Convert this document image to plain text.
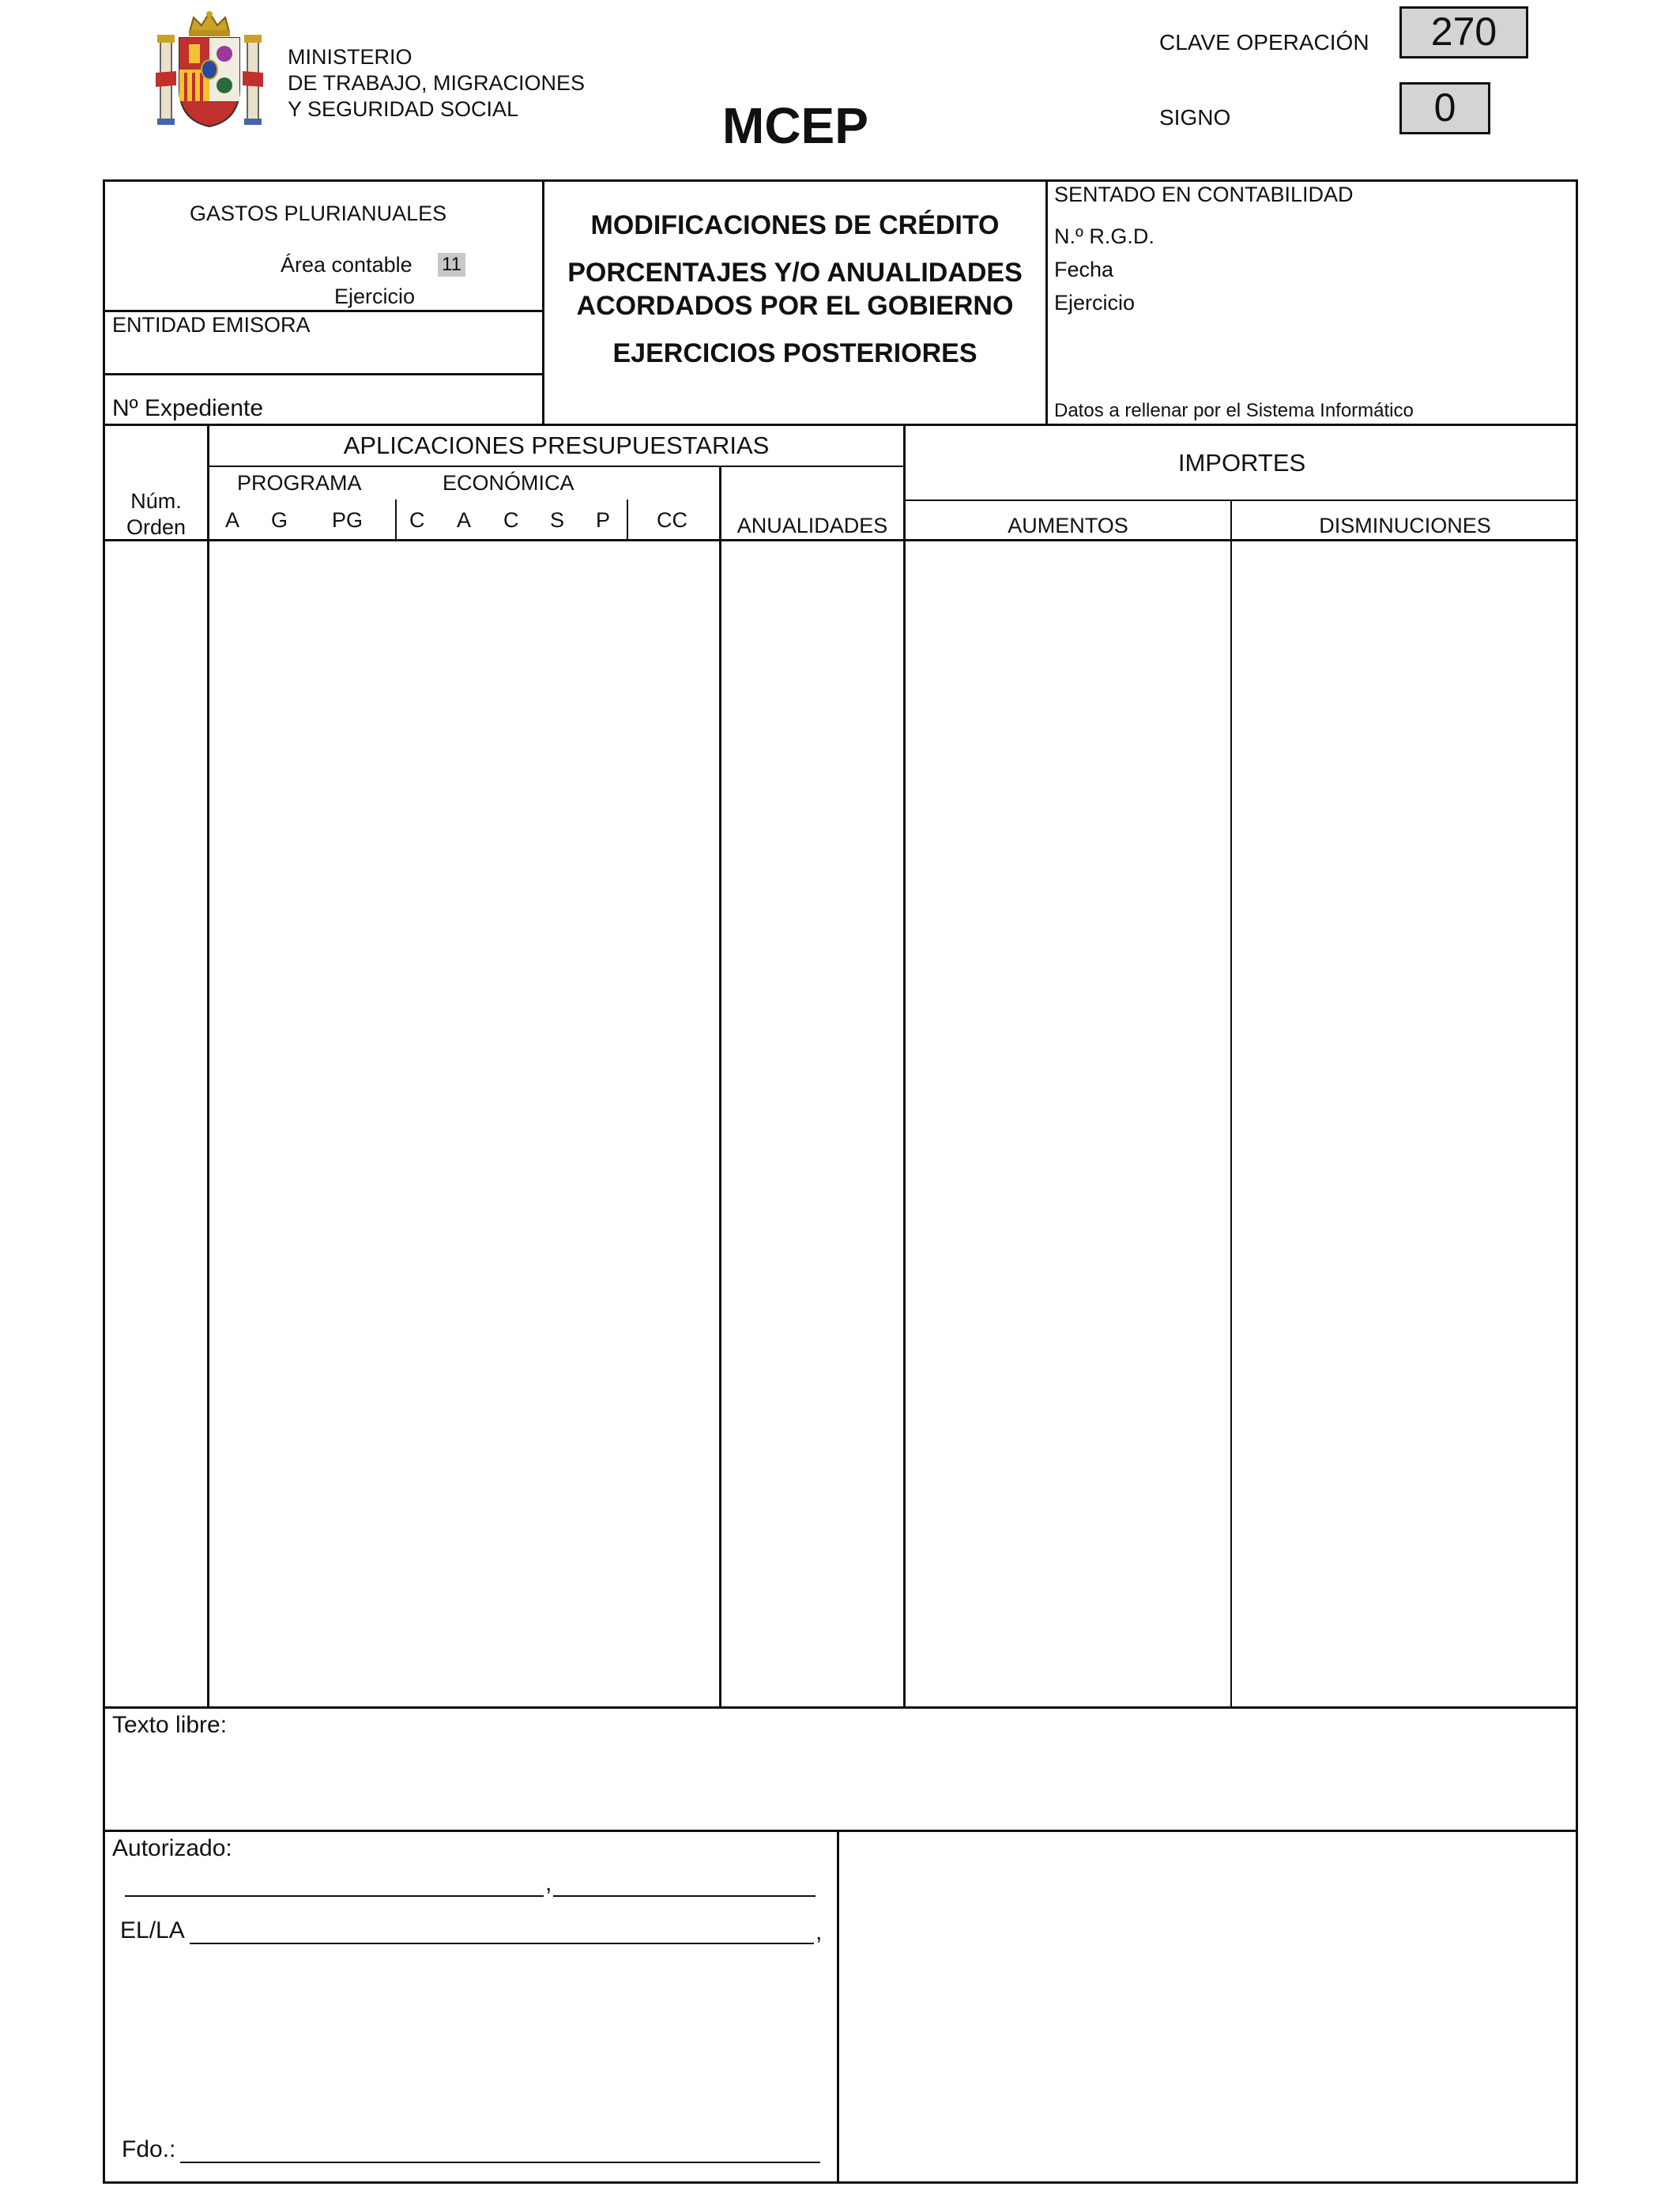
MINISTERIO
DE TRABAJO, MIGRACIONES
Y SEGURIDAD SOCIAL	MCEP
CLAVE OPERACIÓN	270
SIGNO	0
GASTOS PLURIANUALES
Área contable 11
Ejercicio
ENTIDAD EMISORA
Nº Expediente
MODIFICACIONES DE CRÉDITO
PORCENTAJES Y/O ANUALIDADES
ACORDADOS POR EL GOBIERNO
EJERCICIOS POSTERIORES
SENTADO EN CONTABILIDAD
N.º R.G.D.
Fecha
Ejercicio
Datos a rellenar por el Sistema Informático
Núm.
Orden
APLICACIONES PRESUPUESTARIAS
PROGRAMA	ECONÓMICA
A G PG C A C S P CC	ANUALIDADES
IMPORTES
AUMENTOS	DISMINUCIONES
Texto libre:
Autorizado:
,
EL/LA	,
Fdo.:
